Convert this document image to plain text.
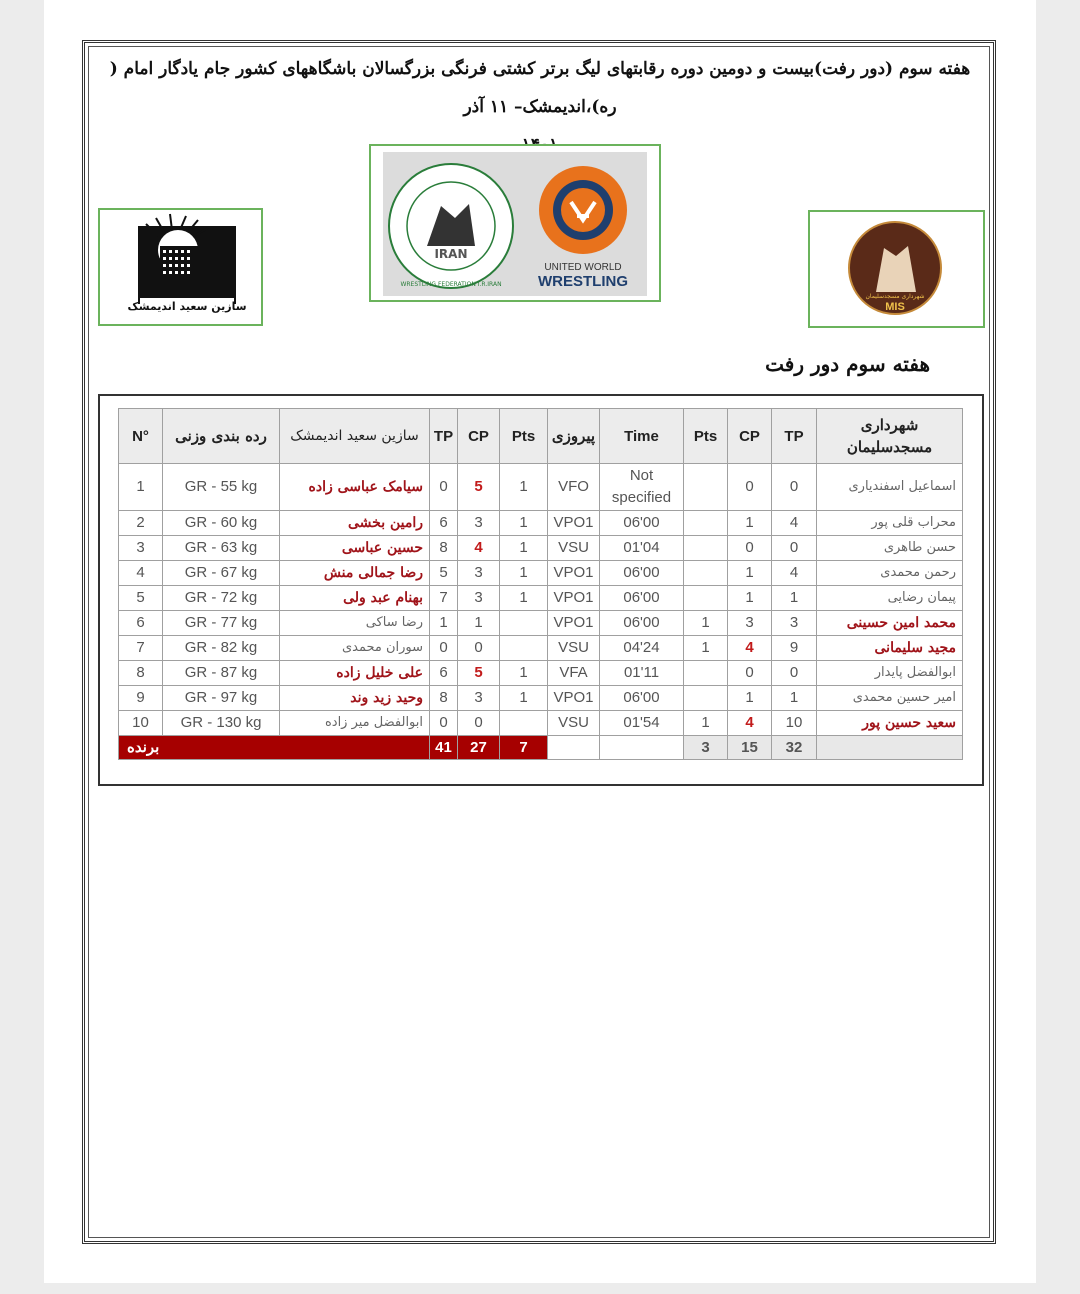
هفته سوم (دور رفت)بیست و دومین دوره رقابتهای لیگ برتر کشتی فرنگی بزرگسالان باشگاههای کشور جام یادگار امام ( ره)،اندیمشک– ۱۱ آذر
سازین سعید اندیمشک
IRAN
WRESTLING FEDERATION I.R.IRAN
UNITED WORLD
WRESTLING
شهرداری مسجدسلیمان
MIS
هفته سوم دور رفت
N°	رده بندی وزنی	سازین سعید اندیمشک	TP	CP	Pts	پیروزی	Time	Pts	CP	TP	شهرداری مسجدسلیمان

1	GR - 55 kg	سیامک عباسی زاده	0	5	1	VFO	Not specified		0	0	اسماعیل اسفندیاری
2	GR - 60 kg	رامین بخشی	6	3	1	VPO1	06'00		1	4	محراب قلی پور
3	GR - 63 kg	حسین عباسی	8	4	1	VSU	01'04		0	0	حسن طاهری
4	GR - 67 kg	رضا جمالی منش	5	3	1	VPO1	06'00		1	4	رحمن محمدی
5	GR - 72 kg	بهنام عبد ولی	7	3	1	VPO1	06'00		1	1	پیمان رضایی
6	GR - 77 kg	رضا ساکی	1	1		VPO1	06'00	1	3	3	محمد امین حسینی
7	GR - 82 kg	سوران محمدی	0	0		VSU	04'24	1	4	9	مجید سلیمانی
8	GR - 87 kg	علی خلیل زاده	6	5	1	VFA	01'11		0	0	ابوالفضل پایدار
9	GR - 97 kg	وحید زید وند	8	3	1	VPO1	06'00		1	1	امیر حسین محمدی
10	GR - 130 kg	ابوالفضل میر زاده	0	0		VSU	01'54	1	4	10	سعید حسین پور
برنده			41	27	7			3	15	32	
